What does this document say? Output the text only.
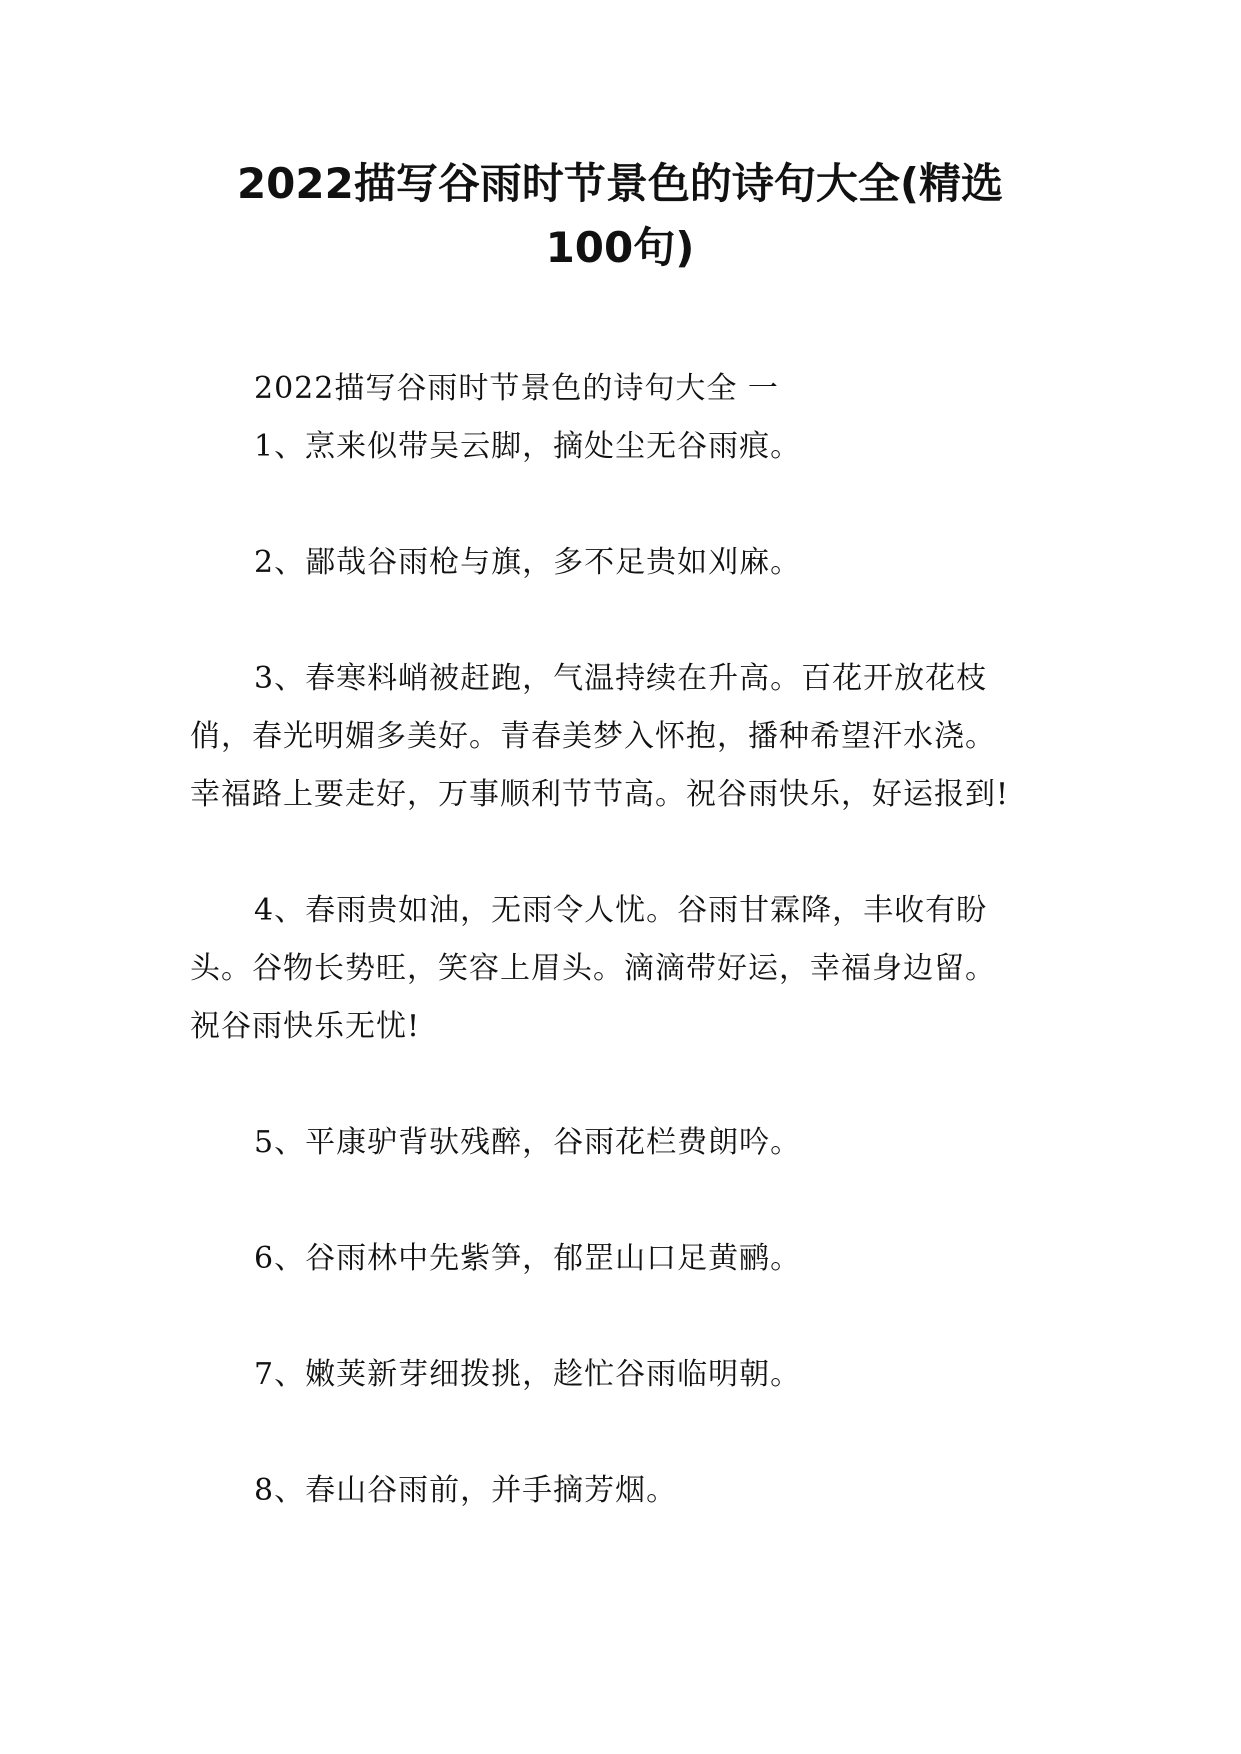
2022描写谷雨时节景色的诗句大全(精选
100句)

2022描写谷雨时节景色的诗句大全 一

1、烹来似带吴云脚，摘处尘无谷雨痕。

2、鄙哉谷雨枪与旗，多不足贵如刈麻。

3、春寒料峭被赶跑，气温持续在升高。百花开放花枝
俏，春光明媚多美好。青春美梦入怀抱，播种希望汗水浇。
幸福路上要走好，万事顺利节节高。祝谷雨快乐，好运报到!
4、春雨贵如油，无雨令人忧。谷雨甘霖降，丰收有盼
头。谷物长势旺，笑容上眉头。滴滴带好运，幸福身边留。
祝谷雨快乐无忧!

5、平康驴背驮残醉，谷雨花栏费朗吟。

6、谷雨林中先紫笋，郁罡山口足黄鹂。

7、嫩荚新芽细拨挑，趁忙谷雨临明朝。

8、春山谷雨前，并手摘芳烟。
